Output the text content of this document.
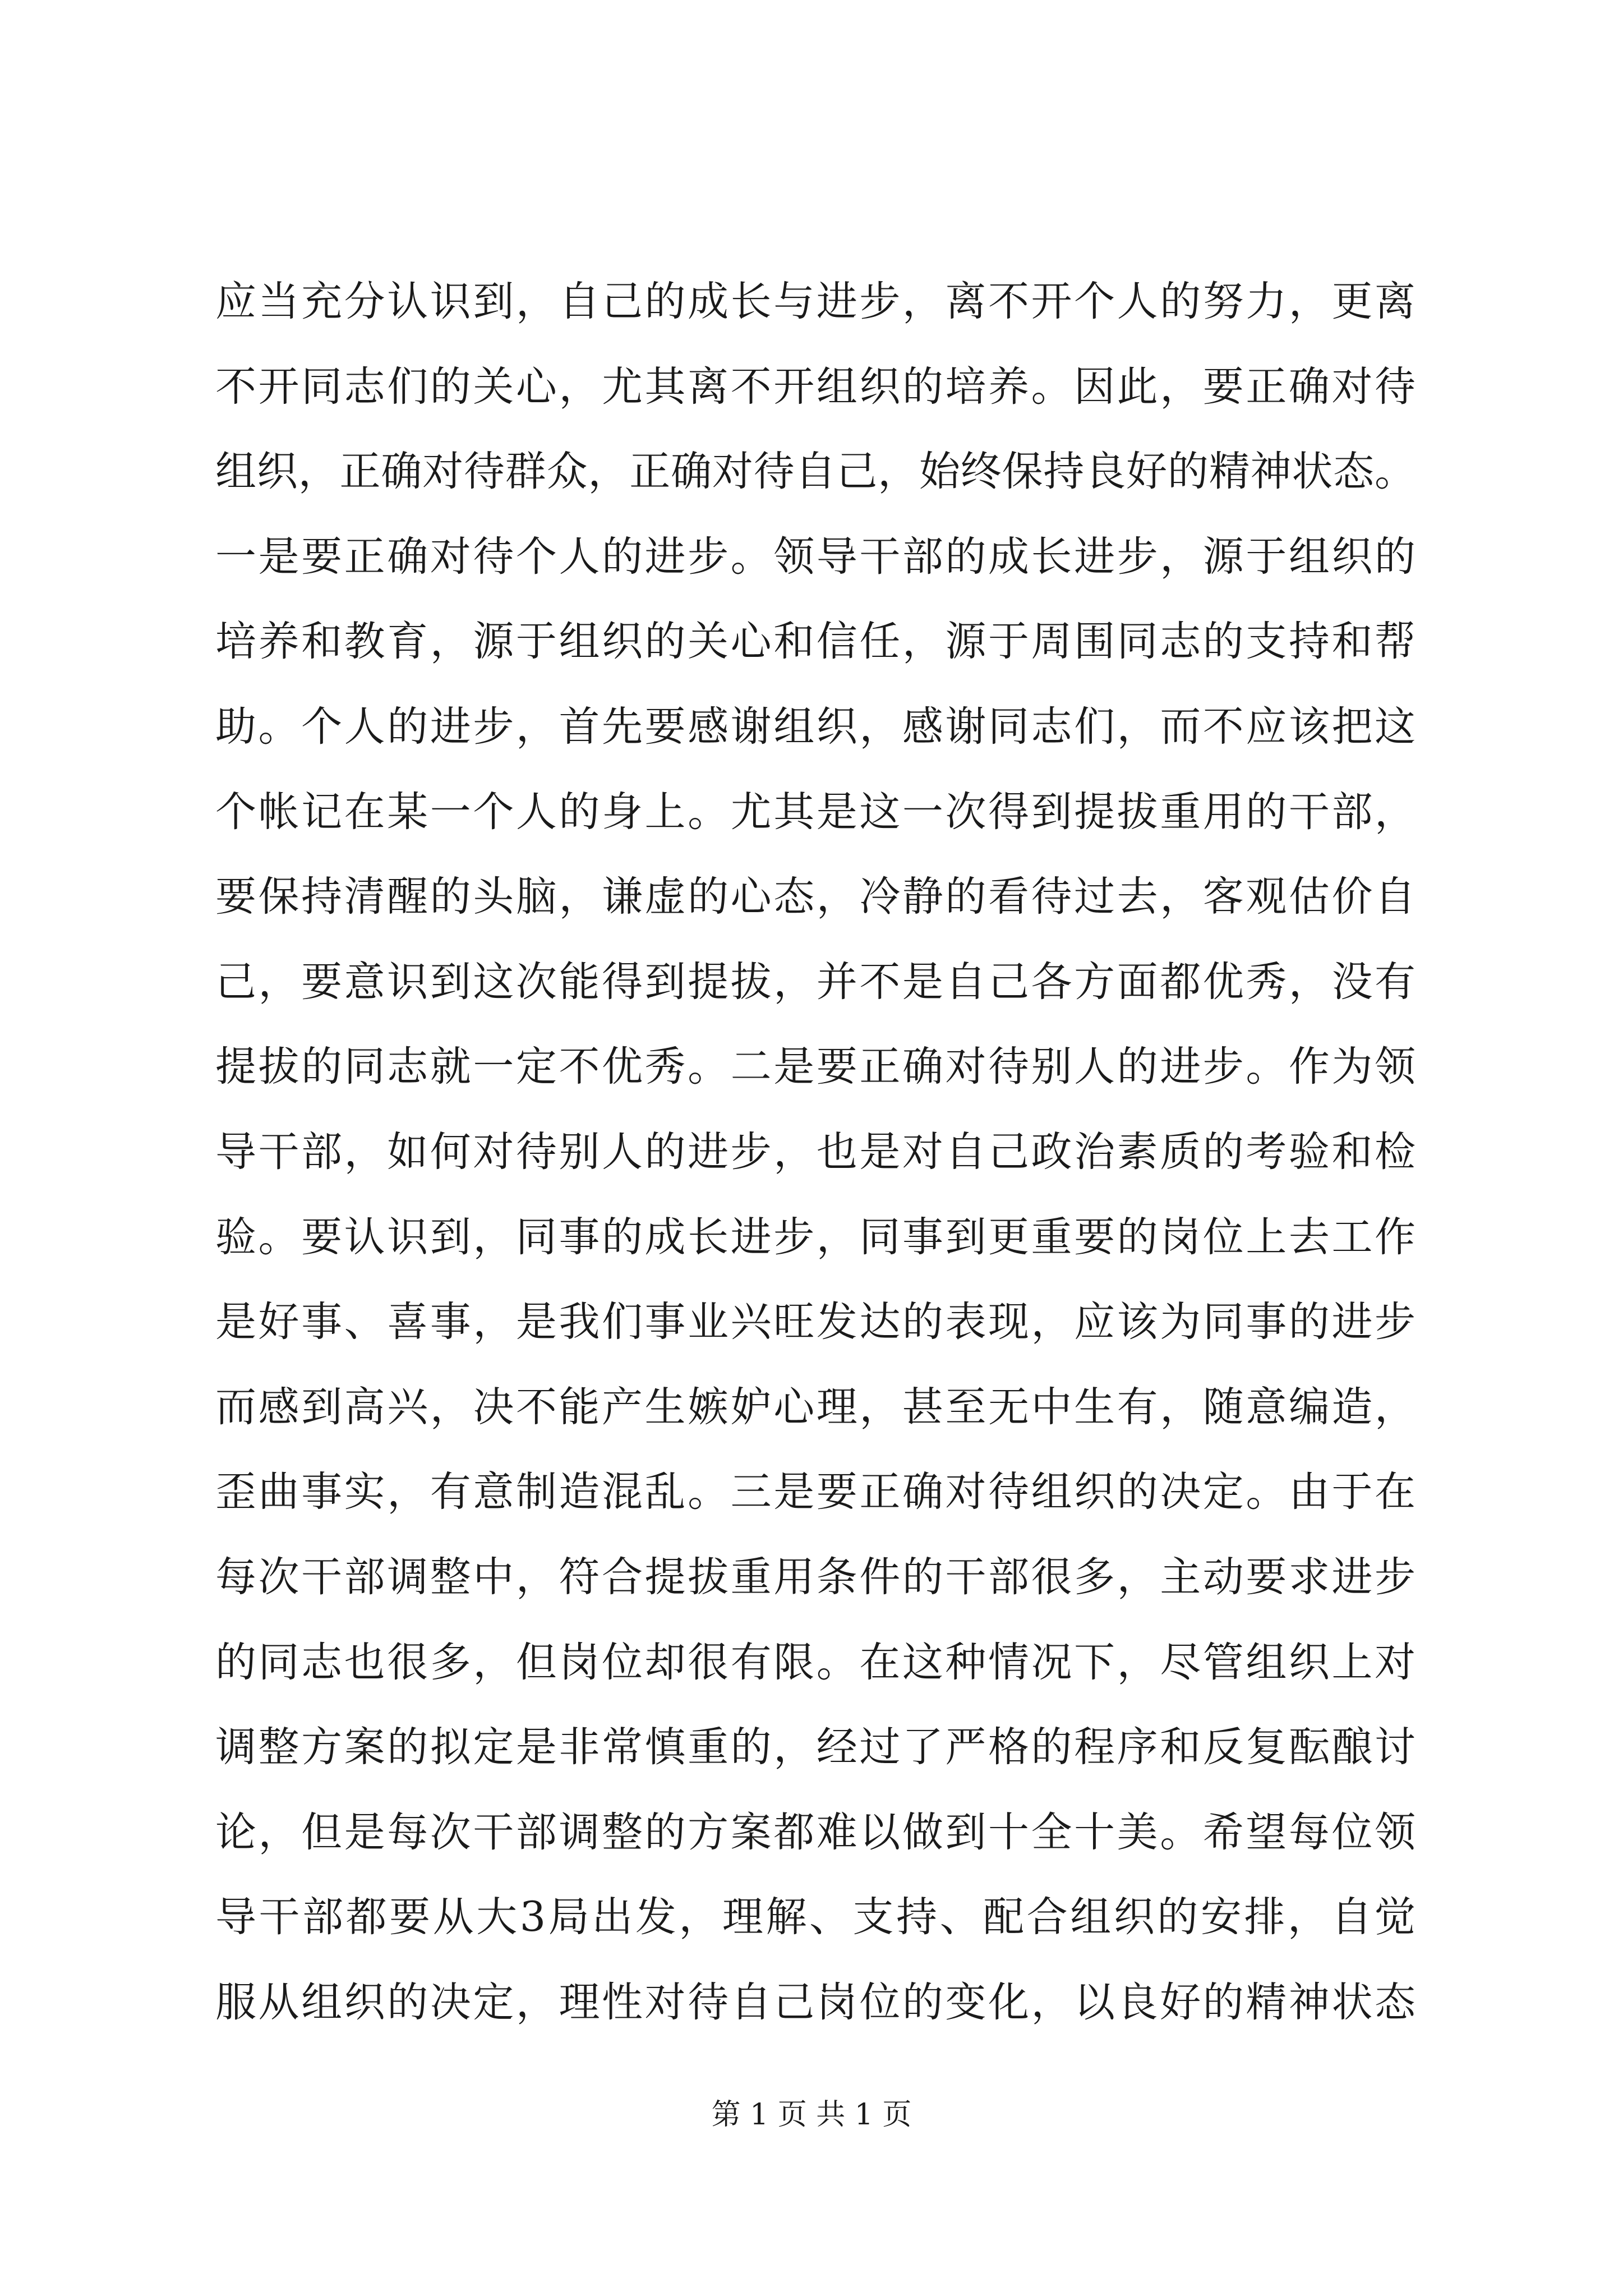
应当充分认识到，自己的成长与进步，离不开个人的努力，更离
不开同志们的关心，尤其离不开组织的培养。因此，要正确对待
组织，正确对待群众，正确对待自己，始终保持良好的精神状态。
一是要正确对待个人的进步。领导干部的成长进步，源于组织的
培养和教育，源于组织的关心和信任，源于周围同志的支持和帮
助。个人的进步，首先要感谢组织，感谢同志们，而不应该把这
个帐记在某一个人的身上。尤其是这一次得到提拔重用的干部，
要保持清醒的头脑，谦虚的心态，冷静的看待过去，客观估价自
己，要意识到这次能得到提拔，并不是自己各方面都优秀，没有
提拔的同志就一定不优秀。二是要正确对待别人的进步。作为领
导干部，如何对待别人的进步，也是对自己政治素质的考验和检
验。要认识到，同事的成长进步，同事到更重要的岗位上去工作
是好事、喜事，是我们事业兴旺发达的表现，应该为同事的进步
而感到高兴，决不能产生嫉妒心理，甚至无中生有，随意编造，
歪曲事实，有意制造混乱。三是要正确对待组织的决定。由于在
每次干部调整中，符合提拔重用条件的干部很多，主动要求进步
的同志也很多，但岗位却很有限。在这种情况下，尽管组织上对
调整方案的拟定是非常慎重的，经过了严格的程序和反复酝酿讨
论，但是每次干部调整的方案都难以做到十全十美。希望每位领
导干部都要从大3局出发，理解、支持、配合组织的安排，自觉
服从组织的决定，理性对待自己岗位的变化，以良好的精神状态
第 1 页 共 1 页
